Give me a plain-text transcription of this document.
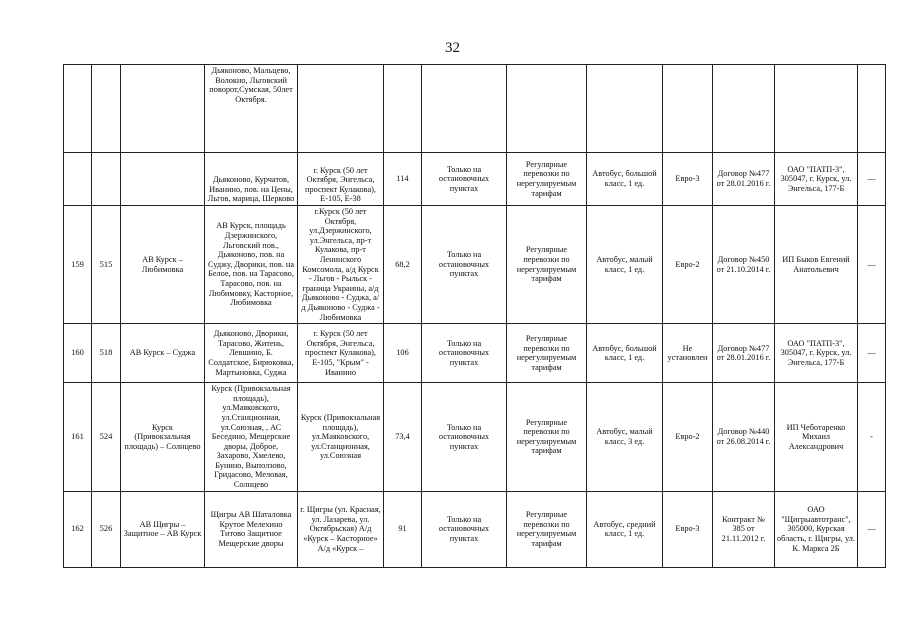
32
			Дьяконово, Мальцево, Волокно, Льговский поворот,Сумская, 50лет Октября.									
			Дьяконово, Курчатов, Иванино, пов. на Цены, Льгов, марица, Шерково	г. Курск (50 лет Октября, Энгельса, проспект Кулакова), Е-105, Е-38	114	Только на остановочных пунктах	Регулярные перевозки по нерегулируемым тарифам	Автобус, большой класс, 1 ед.	Евро-3	Договор №477 от 28.01.2016 г.	ОАО "ПАТП-3", 305047, г. Курск, ул. Энгельса, 177-Б	—
159	515	АВ Курск – Любимовка	АВ Курск, площадь Дзержинского, Льговский пов., Дьяконово, пов. на Суджу, Дворики, пов. на Белое, пов. на Тарасово, Тарасово, пов. на Любимовку, Касторное, Любимовка	г.Курск (50 лет Октября, ул.Дзержинского, ул.Энгельса, пр-т Кулакова, пр-т Ленинского Комсомола, а/д Курск - Льгов - Рыльск - граница Украины, а/д Дьяконово - Суджа, а/д Дьяконово - Суджа - Любимовка	68,2	Только на остановочных пунктах	Регулярные перевозки по нерегулируемым тарифам	Автобус, малый класс, 1 ед.	Евро-2	Договор №450 от 21.10.2014 г.	ИП Быков Евгений Анатольевич	—
160	518	АВ Курск – Суджа	Дьяконово, Дворики, Тарасово, Житень, Левшино, Б. Солдатское, Бирюковка, Мартыновка, Суджа	г. Курск (50 лет Октября, Энгельса, проспект Кулакова), Е-105, "Крым" - Иванино	106	Только на остановочных пунктах	Регулярные перевозки по нерегулируемым тарифам	Автобус, большой класс, 1 ед.	Не установлен	Договор №477 от 28.01.2016 г.	ОАО "ПАТП-3", 305047, г. Курск, ул. Энгельса, 177-Б	—
161	524	Курск (Привокзальная площадь) – Солнцево	Курск (Привокзальная площадь), ул.Маяковского, ул.Станционная, ул.Союзная, , АС Беседино, Мещерские дворы, Доброе, Захарово, Хмелево, Бунино, Выползово, Гридасово, Меловая, Солнцево	Курск (Привокзальная площадь), ул.Маяковского, ул.Станционная, ул.Союзная	73,4	Только на остановочных пунктах	Регулярные перевозки по нерегулируемым тарифам	Автобус, малый класс, 3 ед.	Евро-2	Договор №440 от 26.08.2014 г.	ИП Чеботаренко Михаил Александрович	-
162	526	АВ Щигры – Защитное – АВ Курск	Щигры АВ Шаталовка Крутое Мелехино Титово Защитное Мещерские дворы	г. Щигры (ул. Красная, ул. Лазарева, ул. Октябрьская) А/д «Курск – Касторное» А/д «Курск –	91	Только на остановочных пунктах	Регулярные перевозки по нерегулируемым тарифам	Автобус, средний класс, 1 ед.	Евро-3	Контракт № 385 от 21.11.2012 г.	ОАО "Щигрыавтотранс", 305000, Курская область, г. Щигры, ул. К. Маркса 2Б	—
